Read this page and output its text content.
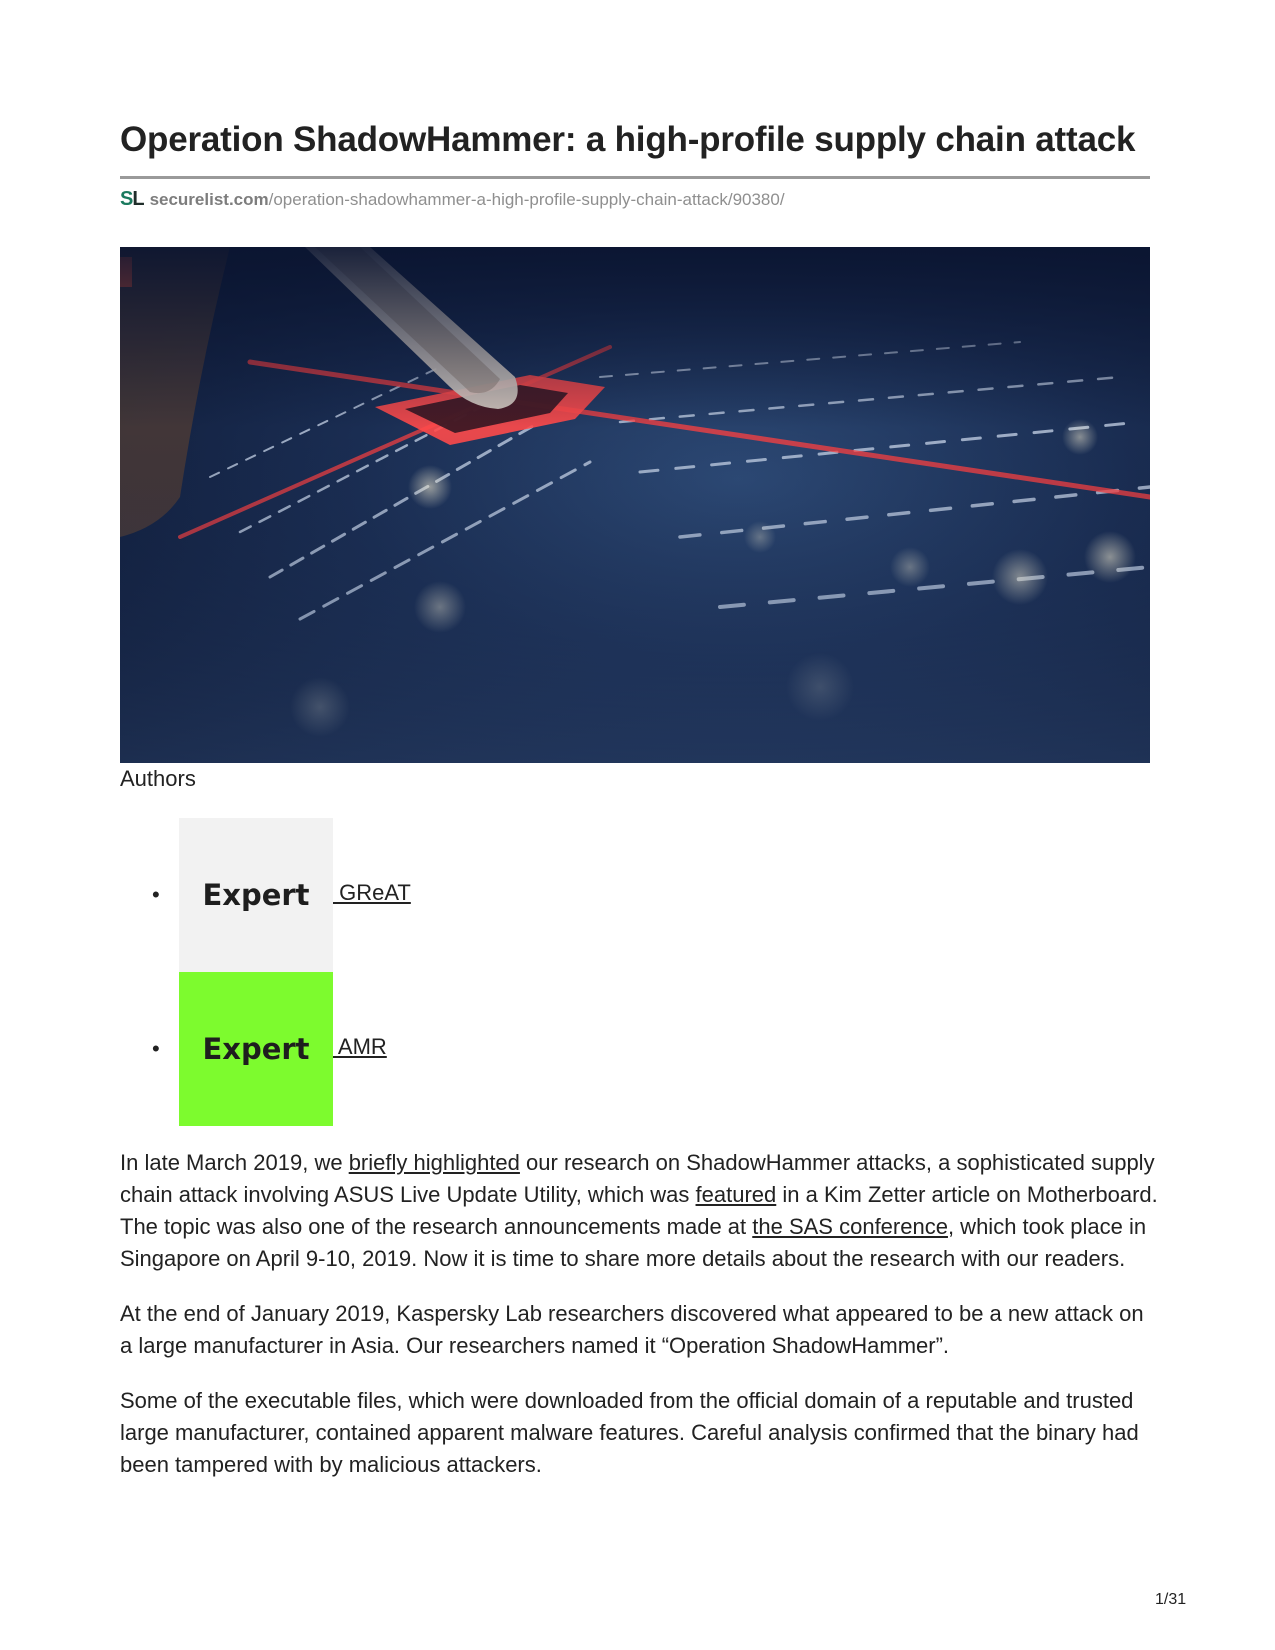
Operation ShadowHammer: a high-profile supply chain attack
SL securelist.com /operation-shadowhammer-a-high-profile-supply-chain-attack/90380/
Authors
• Expert GReAT
• Expert AMR

In late March 2019, we briefly highlighted our research on ShadowHammer attacks, a sophisticated supply chain attack involving ASUS Live Update Utility, which was featured in a Kim Zetter article on Motherboard. The topic was also one of the research announcements made at the SAS conference, which took place in Singapore on April 9-10, 2019. Now it is time to share more details about the research with our readers.

At the end of January 2019, Kaspersky Lab researchers discovered what appeared to be a new attack on a large manufacturer in Asia. Our researchers named it “Operation ShadowHammer”.

Some of the executable files, which were downloaded from the official domain of a reputable and trusted large manufacturer, contained apparent malware features. Careful analysis confirmed that the binary had been tampered with by malicious attackers.

1/31
